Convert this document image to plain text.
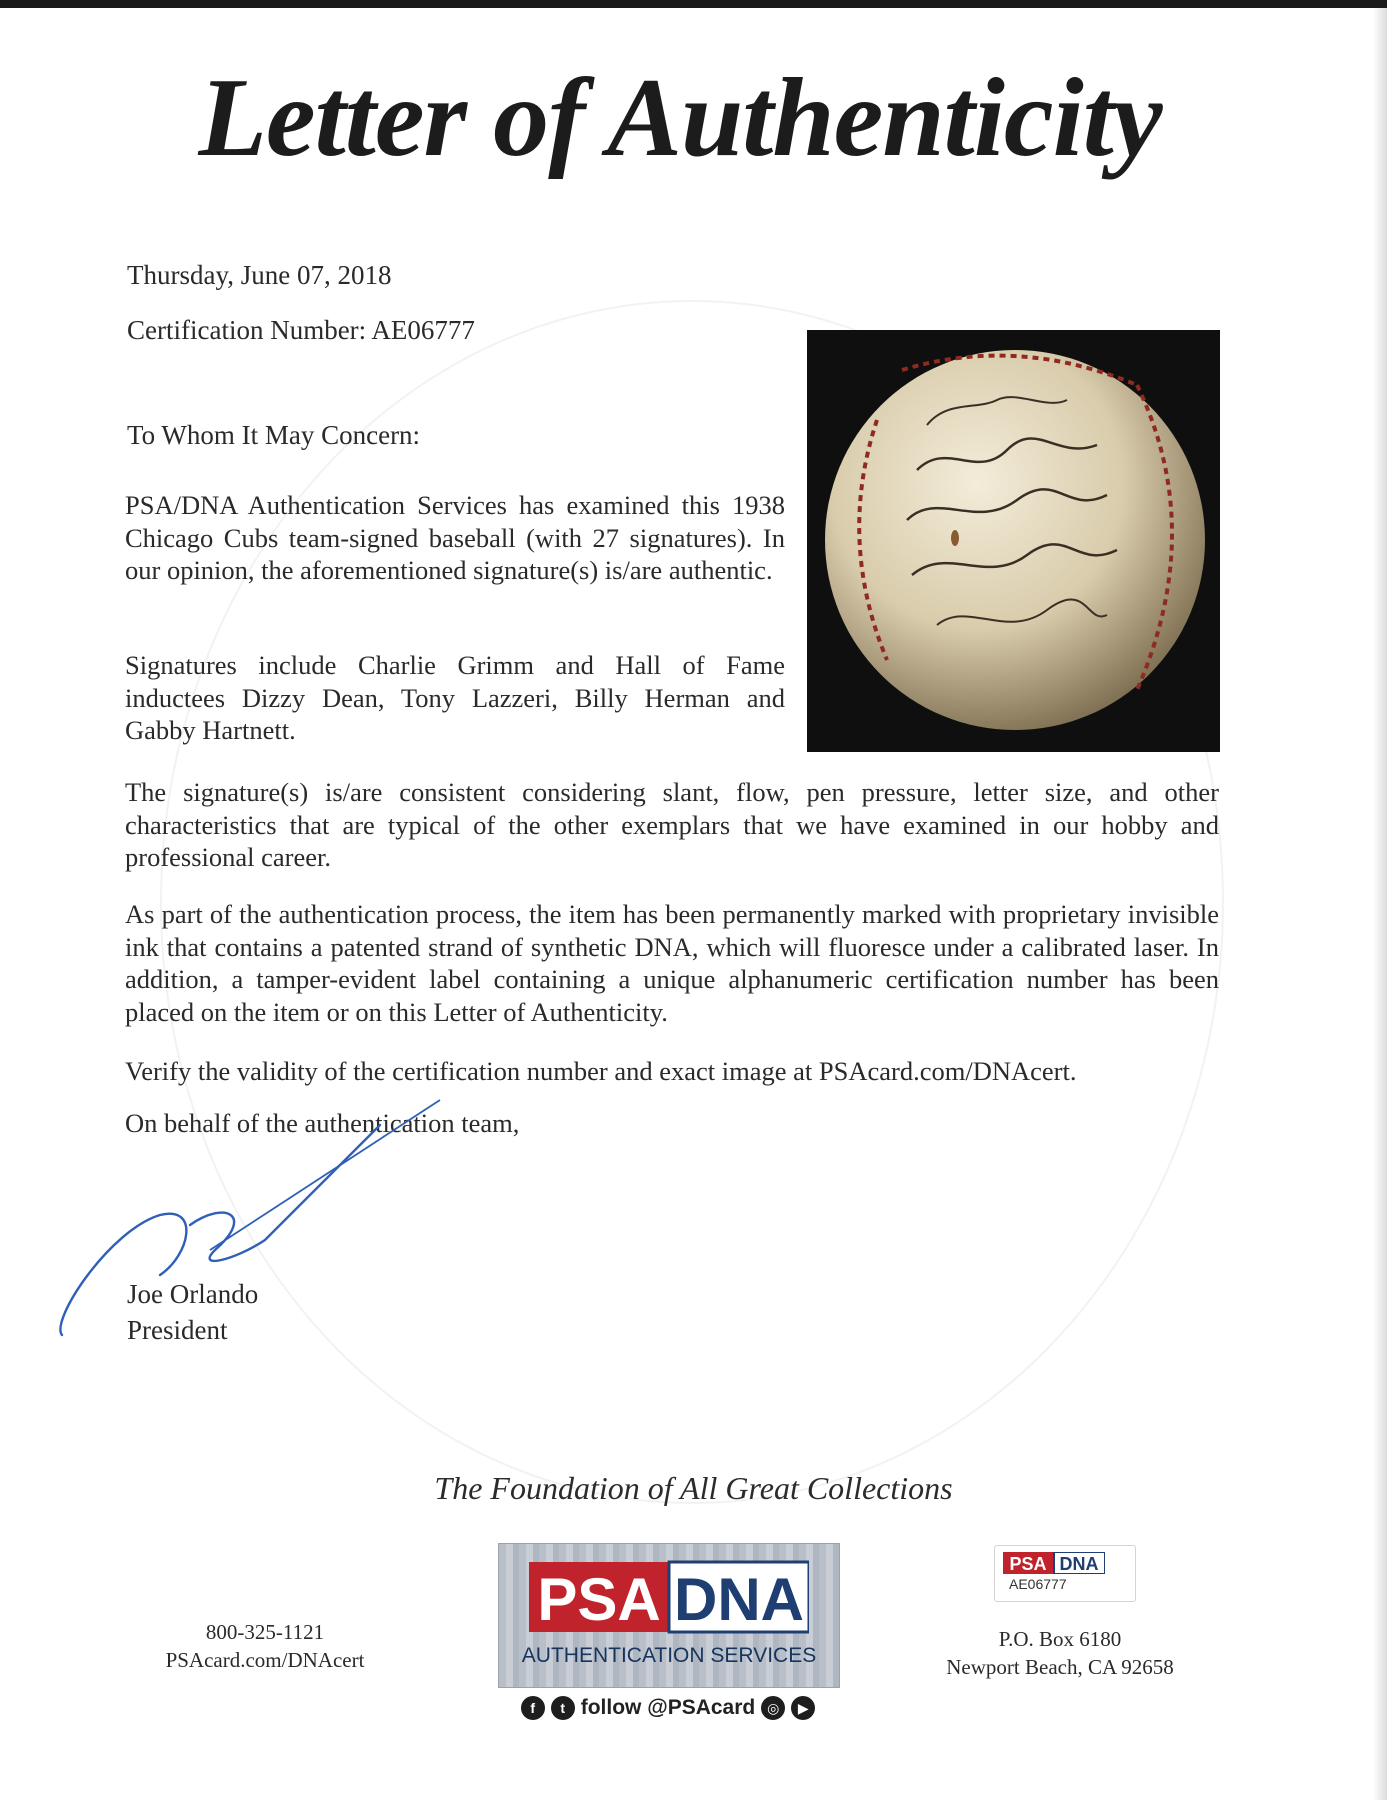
Letter of Authenticity
Thursday, June 07, 2018
Certification Number: AE06777
To Whom It May Concern:
PSA/DNA Authentication Services has examined this 1938 Chicago Cubs team-signed baseball (with 27 signatures). In our opinion, the aforementioned signature(s) is/are authentic.
Signatures include Charlie Grimm and Hall of Fame inductees Dizzy Dean, Tony Lazzeri, Billy Herman and Gabby Hartnett.
The signature(s) is/are consistent considering slant, flow, pen pressure, letter size, and other characteristics that are typical of the other exemplars that we have examined in our hobby and professional career.
As part of the authentication process, the item has been permanently marked with proprietary invisible ink that contains a patented strand of synthetic DNA, which will fluoresce under a calibrated laser. In addition, a tamper-evident label containing a unique alphanumeric certification number has been placed on the item or on this Letter of Authenticity.
Verify the validity of the certification number and exact image at PSAcard.com/DNAcert.
On behalf of the authentication team,
Joe Orlando
President
The Foundation of All Great Collections
800-325-1121
PSAcard.com/DNAcert
PSA DNA
AUTHENTICATION SERVICES
f	t follow @PSAcard ◎	▶
PSA DNA
AE06777
P.O. Box 6180
Newport Beach, CA 92658
